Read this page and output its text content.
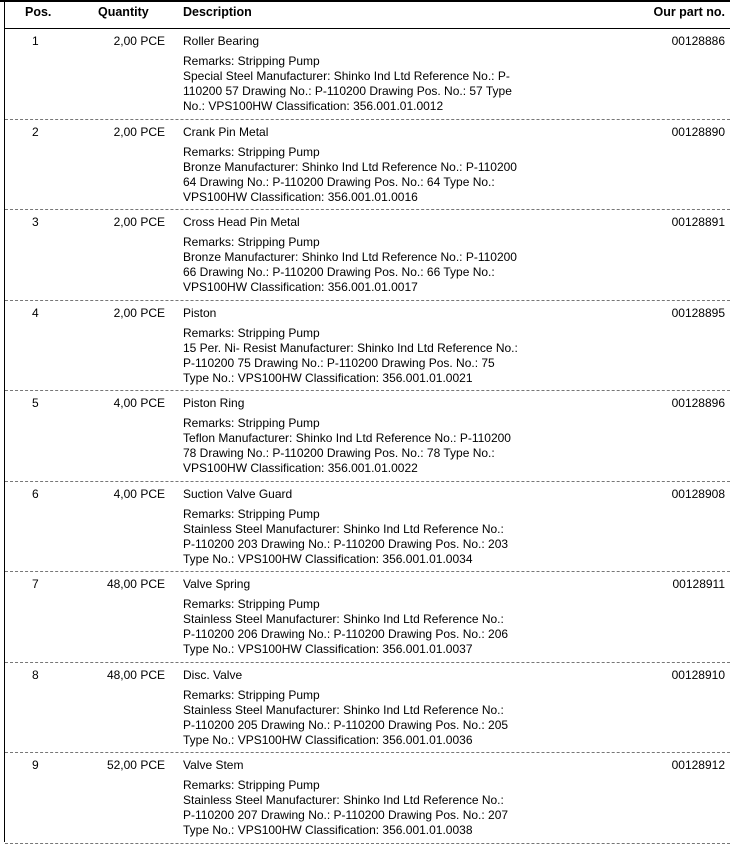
Pos.	Quantity	Description	Our part no.
1	2,00 PCE Roller Bearing	00128886
Remarks: Stripping Pump
Special Steel Manufacturer: Shinko Ind Ltd Reference No.: P-
110200 57 Drawing No.: P-110200 Drawing Pos. No.: 57 Type
No.: VPS100HW Classification: 356.001.01.0012
2	2,00 PCE Crank Pin Metal	00128890
Remarks: Stripping Pump
Bronze Manufacturer: Shinko Ind Ltd Reference No.: P-110200
64 Drawing No.: P-110200 Drawing Pos. No.: 64 Type No.:
VPS100HW Classification: 356.001.01.0016
3	2,00 PCE Cross Head Pin Metal	00128891
Remarks: Stripping Pump
Bronze Manufacturer: Shinko Ind Ltd Reference No.: P-110200
66 Drawing No.: P-110200 Drawing Pos. No.: 66 Type No.:
VPS100HW Classification: 356.001.01.0017
4	2,00 PCE Piston	00128895
Remarks: Stripping Pump
15 Per. Ni- Resist Manufacturer: Shinko Ind Ltd Reference No.:
P-110200 75 Drawing No.: P-110200 Drawing Pos. No.: 75
Type No.: VPS100HW Classification: 356.001.01.0021
5	4,00 PCE Piston Ring	00128896
Remarks: Stripping Pump
Teflon Manufacturer: Shinko Ind Ltd Reference No.: P-110200
78 Drawing No.: P-110200 Drawing Pos. No.: 78 Type No.:
VPS100HW Classification: 356.001.01.0022
6	4,00 PCE Suction Valve Guard	00128908
Remarks: Stripping Pump
Stainless Steel Manufacturer: Shinko Ind Ltd Reference No.:
P-110200 203 Drawing No.: P-110200 Drawing Pos. No.: 203
Type No.: VPS100HW Classification: 356.001.01.0034
7	48,00 PCE Valve Spring	00128911
Remarks: Stripping Pump
Stainless Steel Manufacturer: Shinko Ind Ltd Reference No.:
P-110200 206 Drawing No.: P-110200 Drawing Pos. No.: 206
Type No.: VPS100HW Classification: 356.001.01.0037
8	48,00 PCE Disc. Valve	00128910
Remarks: Stripping Pump
Stainless Steel Manufacturer: Shinko Ind Ltd Reference No.:
P-110200 205 Drawing No.: P-110200 Drawing Pos. No.: 205
Type No.: VPS100HW Classification: 356.001.01.0036
9	52,00 PCE Valve Stem	00128912
Remarks: Stripping Pump
Stainless Steel Manufacturer: Shinko Ind Ltd Reference No.:
P-110200 207 Drawing No.: P-110200 Drawing Pos. No.: 207
Type No.: VPS100HW Classification: 356.001.01.0038
